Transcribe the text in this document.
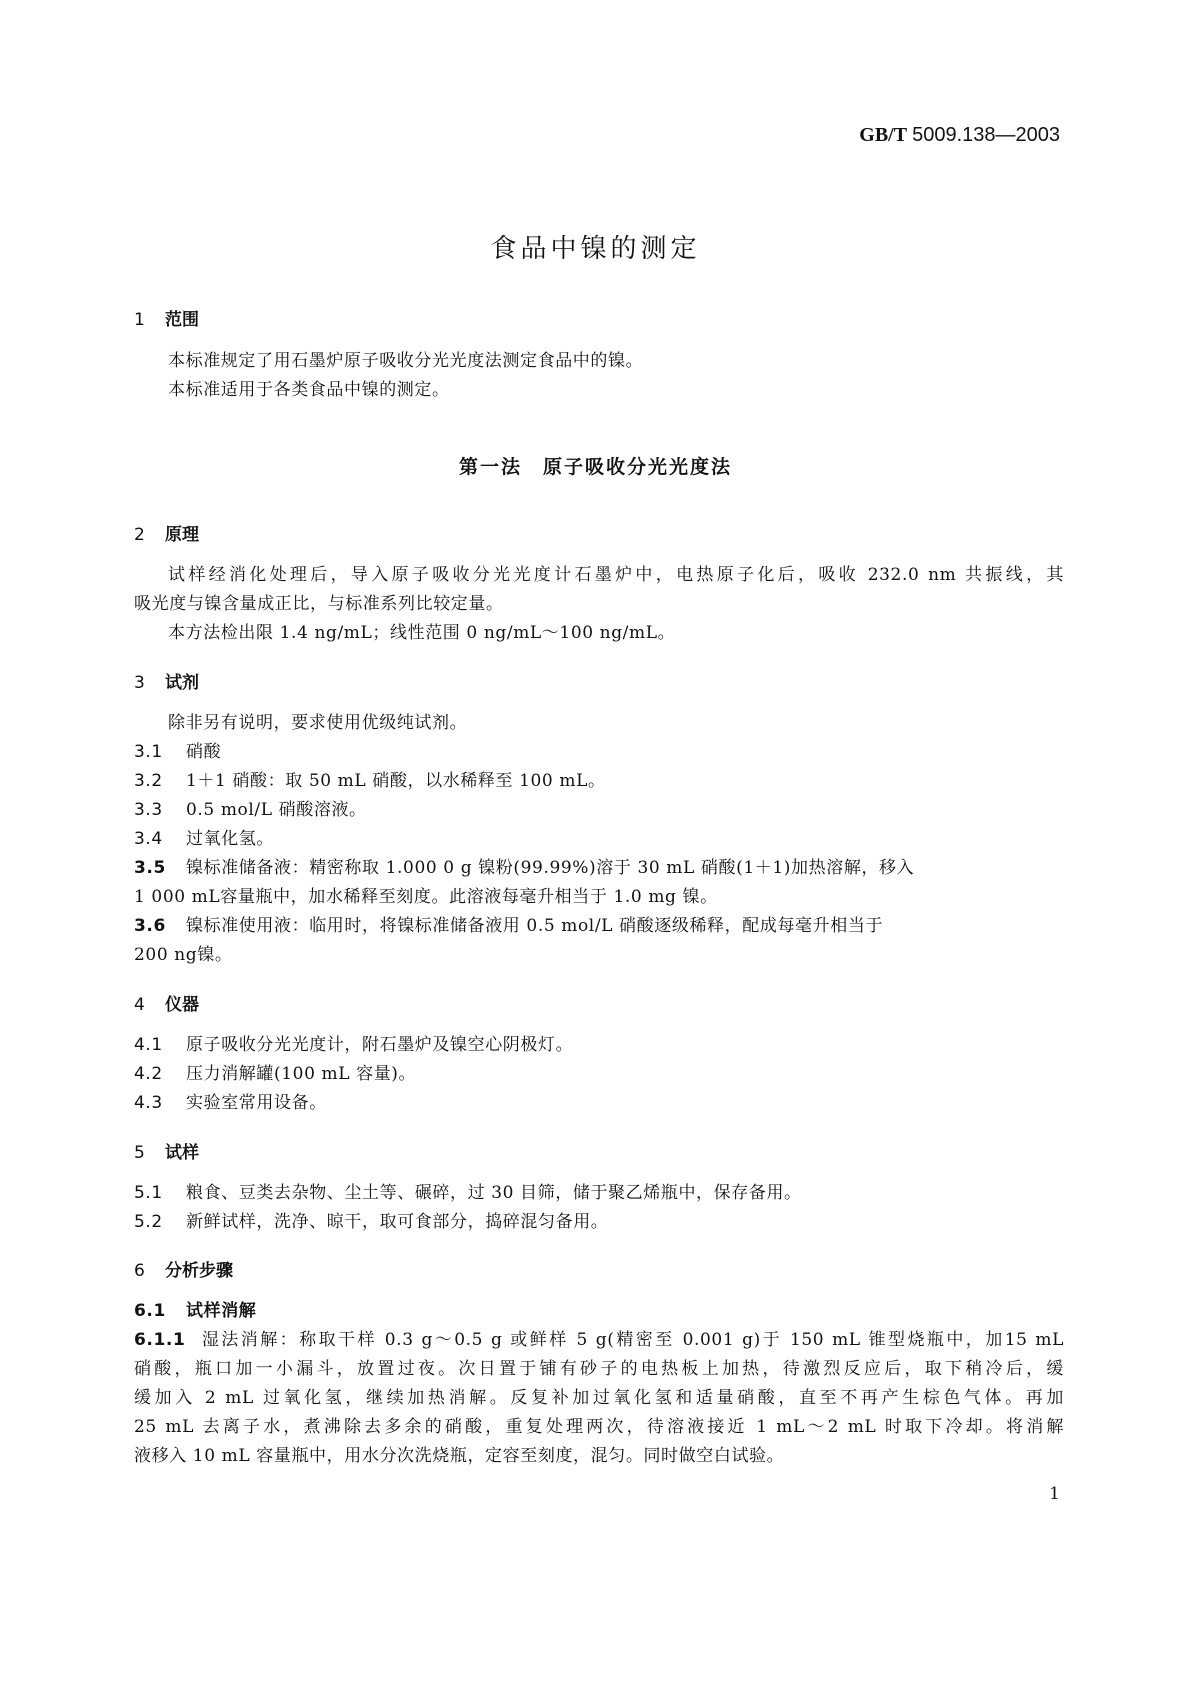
GB/T 5009.138—2003
食品中镍的测定
1 范围
本标准规定了用石墨炉原子吸收分光光度法测定食品中的镍。
本标准适用于各类食品中镍的测定。
第一法　原子吸收分光光度法
2 原理
试样经消化处理后，导入原子吸收分光光度计石墨炉中，电热原子化后，吸收 232.0 nm 共振线，其
吸光度与镍含量成正比，与标准系列比较定量。
本方法检出限 1.4 ng/mL；线性范围 0 ng/mL～100 ng/mL。
3 试剂
除非另有说明，要求使用优级纯试剂。
3.1 硝酸
3.2 1＋1 硝酸：取 50 mL 硝酸，以水稀释至 100 mL。
3.3 0.5 mol/L 硝酸溶液。
3.4 过氧化氢。
3.5 镍标准储备液：精密称取 1.000 0 g 镍粉(99.99%)溶于 30 mL 硝酸(1＋1)加热溶解，移入
1 000 mL容量瓶中，加水稀释至刻度。此溶液每毫升相当于 1.0 mg 镍。
3.6 镍标准使用液：临用时，将镍标准储备液用 0.5 mol/L 硝酸逐级稀释，配成每毫升相当于
200 ng镍。
4 仪器
4.1 原子吸收分光光度计，附石墨炉及镍空心阴极灯。
4.2 压力消解罐(100 mL 容量)。
4.3 实验室常用设备。
5 试样
5.1 粮食、豆类去杂物、尘土等、碾碎，过 30 目筛，储于聚乙烯瓶中，保存备用。
5.2 新鲜试样，洗净、晾干，取可食部分，捣碎混匀备用。
6 分析步骤
6.1 试样消解
6.1.1 湿法消解：称取干样 0.3 g～0.5 g 或鲜样 5 g(精密至 0.001 g)于 150 mL 锥型烧瓶中，加15 mL
硝酸，瓶口加一小漏斗，放置过夜。次日置于铺有砂子的电热板上加热，待激烈反应后，取下稍冷后，缓
缓加入 2 mL 过氧化氢，继续加热消解。反复补加过氧化氢和适量硝酸，直至不再产生棕色气体。再加
25 mL 去离子水，煮沸除去多余的硝酸，重复处理两次，待溶液接近 1 mL～2 mL 时取下冷却。将消解
液移入 10 mL 容量瓶中，用水分次洗烧瓶，定容至刻度，混匀。同时做空白试验。
1
